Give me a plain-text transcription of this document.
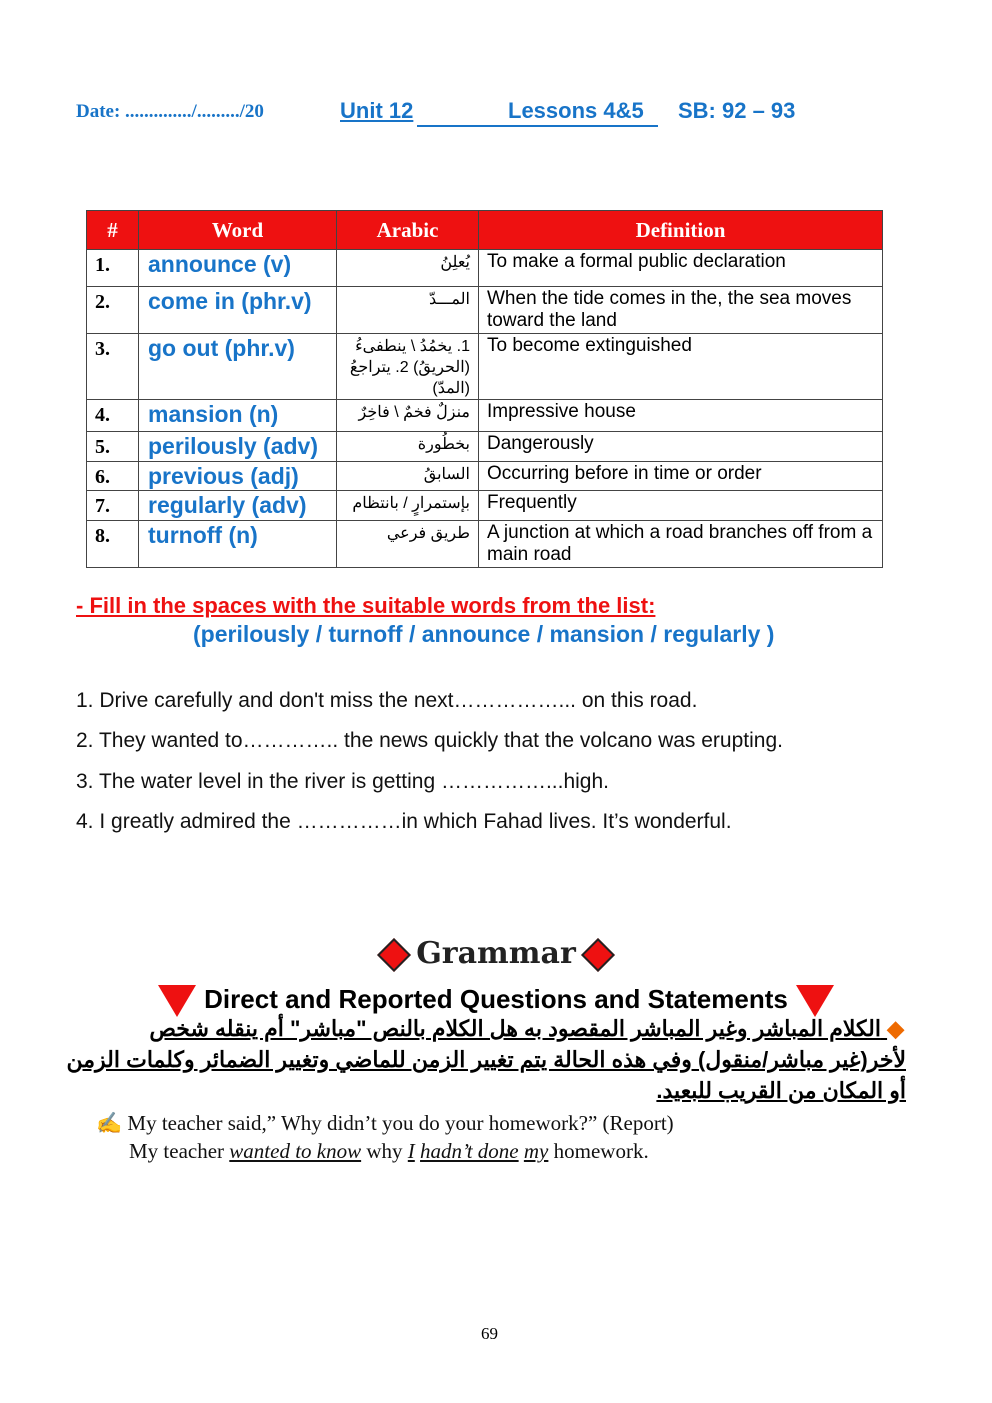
Date: ............../........./20	Unit 12	Lessons 4&5 SB: 92 – 93
#	Word	Arabic	Definition
1.	announce (v)	يُعلِنُ	To make a formal public declaration
2.	come in (phr.v)	المـــدّ	When the tide comes in the, the sea moves toward the land
3.	go out (phr.v)	1. يخمُدُ \ ينطفىءُ (الحريقُ) 2. يتراجعُ (المدّ)	To become extinguished
4.	mansion (n)	منزلٌ فخمٌ \ فاخِرٌ	Impressive house
5.	perilously (adv)	بخطُورة	Dangerously
6.	previous (adj)	السابقُ	Occurring before in time or order
7.	regularly (adv)	بإستمرارٍ / بانتظام	Frequently
8.	turnoff (n)	طريق فرعي	A junction at which a road branches off from a main road
- Fill in the spaces with the suitable words from the list:
(perilously / turnoff / announce / mansion / regularly )
1. Drive carefully and don't miss the next……………... on this road.
2. They wanted to………….. the news quickly that the volcano was erupting.
3. The water level in the river is getting ……………...high.
4. I greatly admired the ……………in which Fahad lives. It’s wonderful.
Grammar
Direct and Reported Questions and Statements
◆ الكلام المباشر وغير المباشر المقصود به هل الكلام بالنص "مباشر" أم ينقله شخص
لأخر(غير مباشر/منقول) وفي هذه الحالة يتم تغيير الزمن للماضي وتغيير الضمائر وكلمات الزمن
أو المكان من القريب للبعيد.
✍ My teacher said,” Why didn’t you do your homework?” (Report)
My teacher wanted to know why I hadn’t done my homework.
69
